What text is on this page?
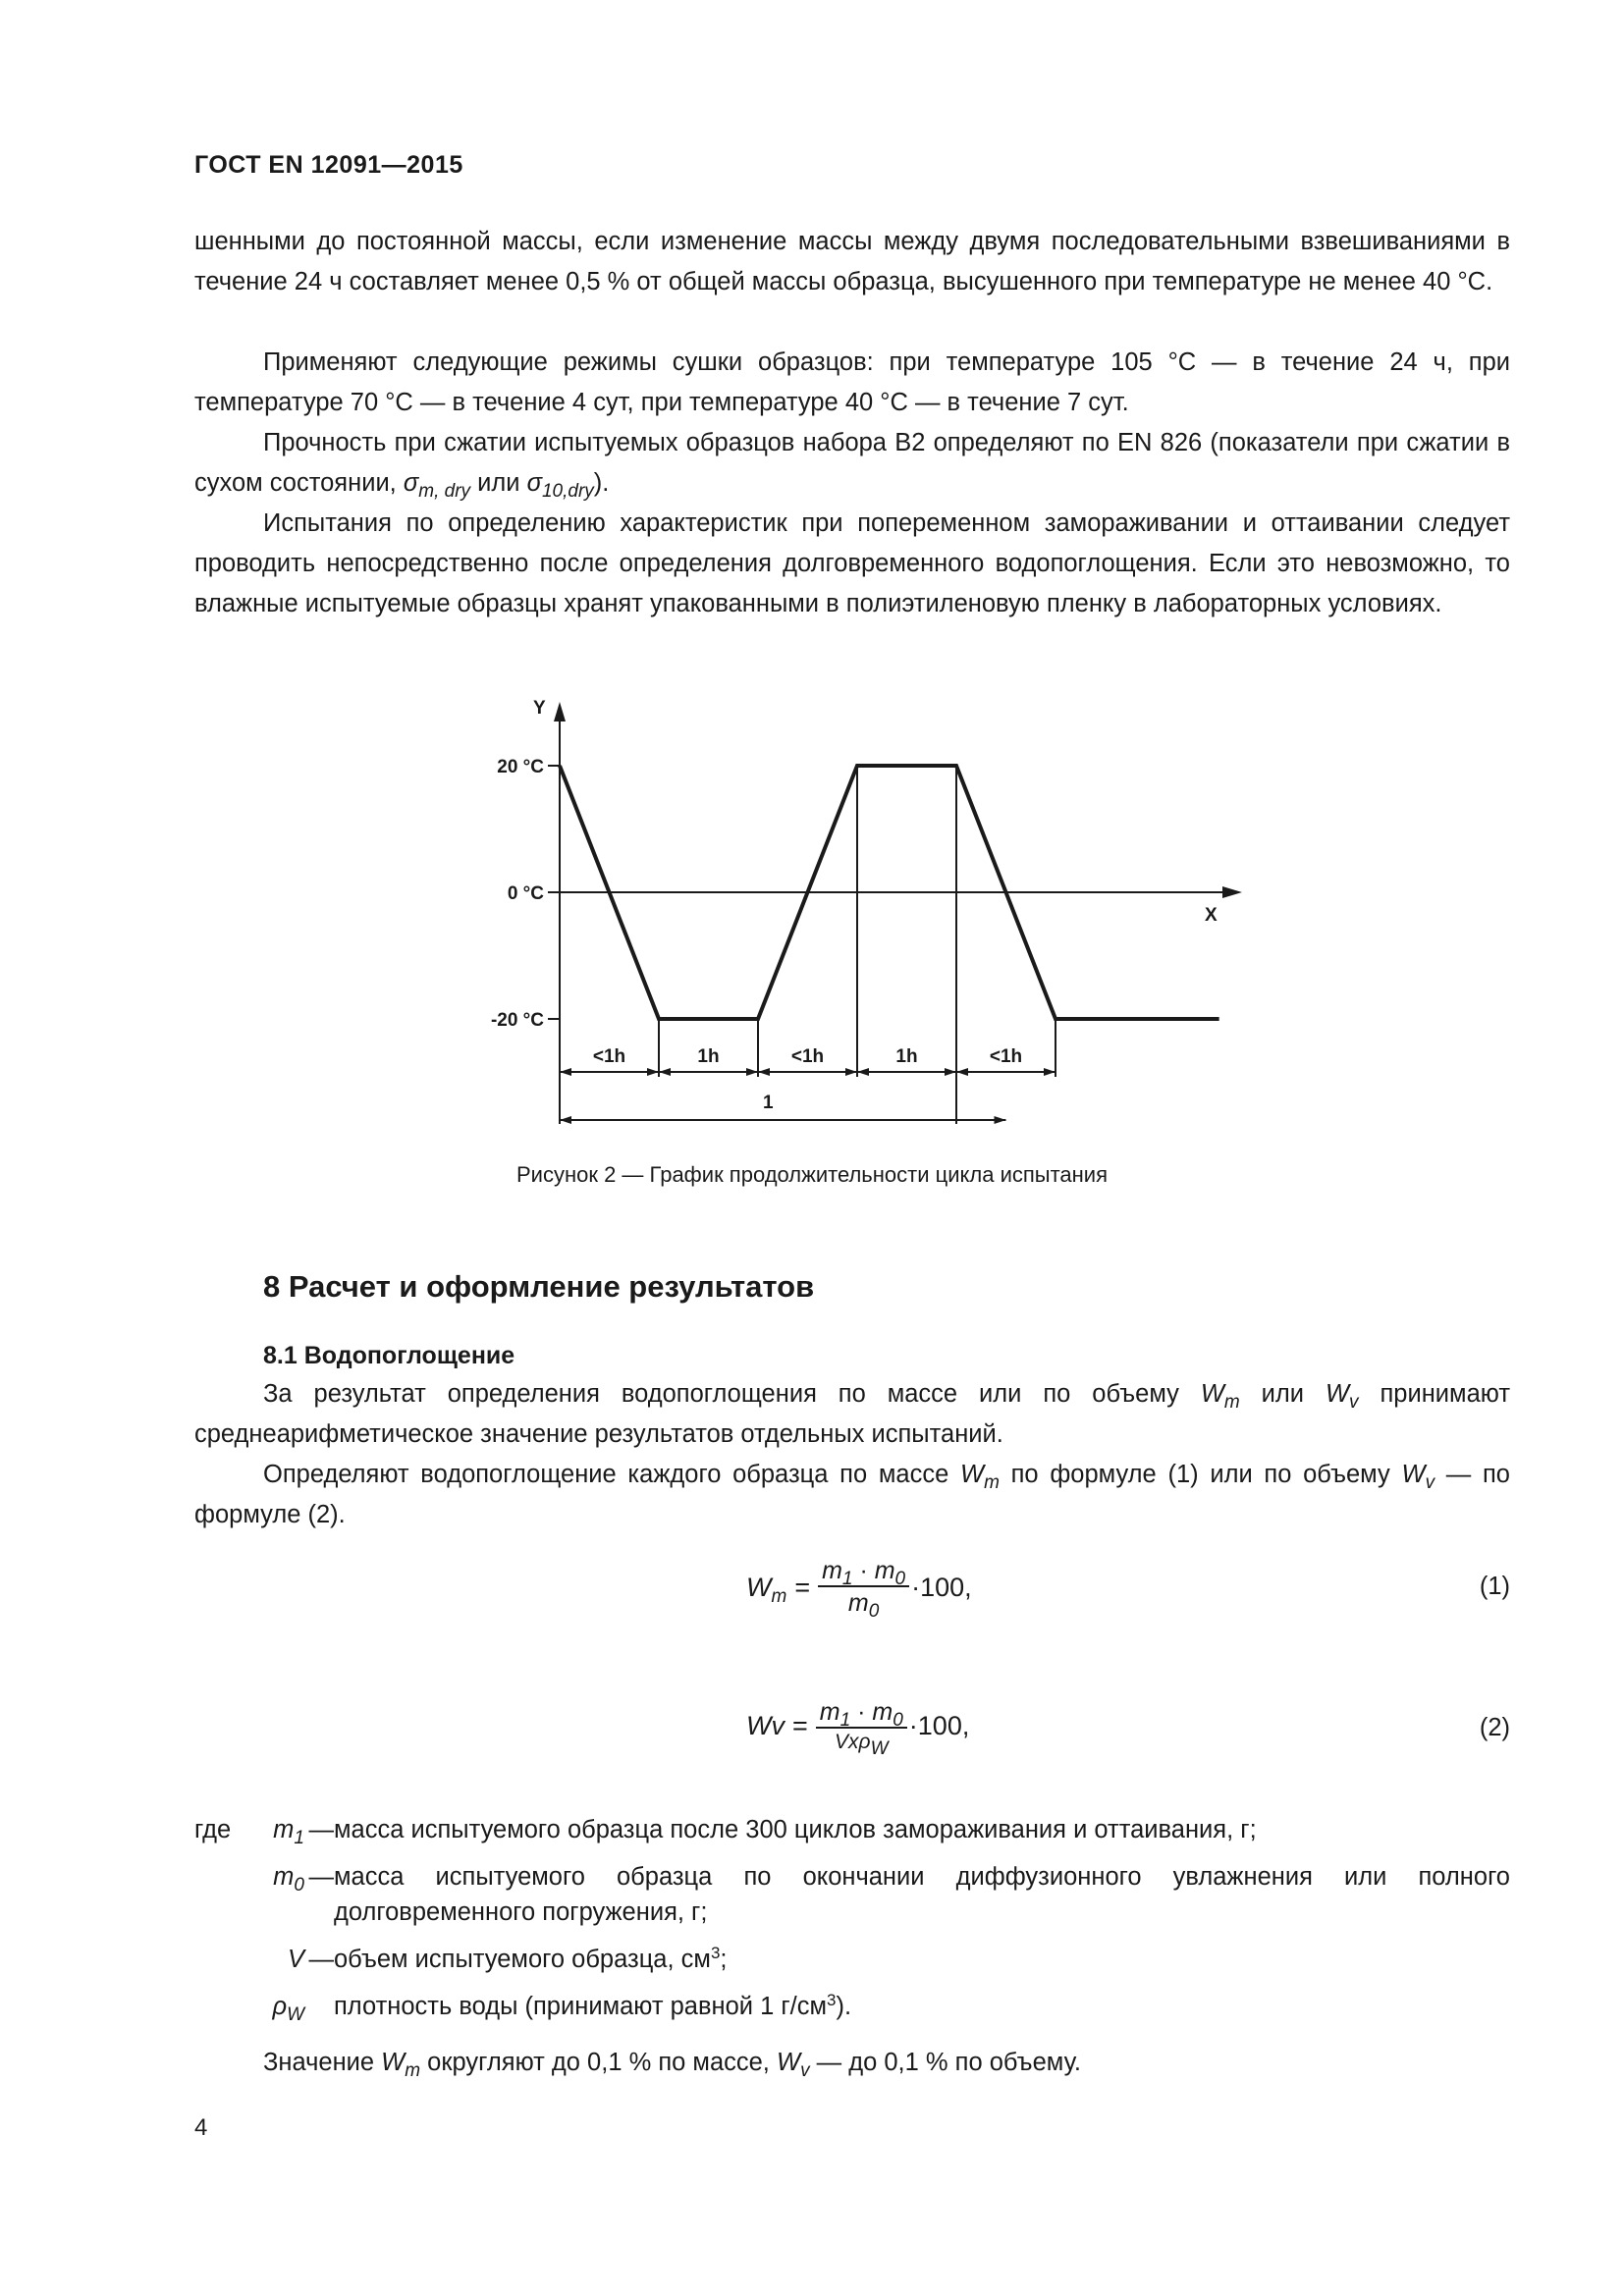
ГОСТ EN 12091—2015

шенными до постоянной массы, если изменение массы между двумя последовательными взвешиваниями в течение 24 ч составляет менее 0,5 % от общей массы образца, высушенного при температуре не менее 40 °С.

Применяют следующие режимы сушки образцов: при температуре 105 °С — в течение 24 ч, при температуре 70 °С — в течение 4 сут, при температуре 40 °С — в течение 7 сут.

Прочность при сжатии испытуемых образцов набора В2 определяют по EN 826 (показатели при сжатии в сухом состоянии, $\sigma_{m, dry}$ или $\sigma_{10,dry}$).

Испытания по определению характеристик при попеременном замораживании и оттаивании следует проводить непосредственно после определения долговременного водопоглощения. Если это невозможно, то влажные испытуемые образцы хранят упакованными в полиэтиленовую пленку в лабораторных условиях.

Y
X
20 °C
0 °C
-20 °C
<1h	1h	<1h	1h	<1h
1
Рисунок 2 — График продолжительности цикла испытания
8 Расчет и оформление результатов
8.1 Водопоглощение

За результат определения водопоглощения по массе или по объему $W_m$ или $W_v$ принимают среднеарифметическое значение результатов отдельных испытаний.

Определяют водопоглощение каждого образца по массе $W_m$ по формуле (1) или по объему $W_v$ — по формуле (2).

$W_m = \frac{m_1 \cdot m_0}{m_0} \cdot 100$,	(1)
$Wv = \frac{m_1 \cdot m_0}{Vx\rho_W} \cdot 100$,	(2)
где	$m_1$ — масса испытуемого образца после 300 циклов замораживания и оттаивания, г;
$m_0$ — масса испытуемого образца по окончании диффузионного увлажнения или полного долговременного погружения, г;
V — объем испытуемого образца, $см^3$;
$\rho_W$ плотность воды (принимают равной 1 $г/см^3$).

Значение $W_m$ округляют до 0,1 % по массе, $W_v$ — до 0,1 % по объему.

4
